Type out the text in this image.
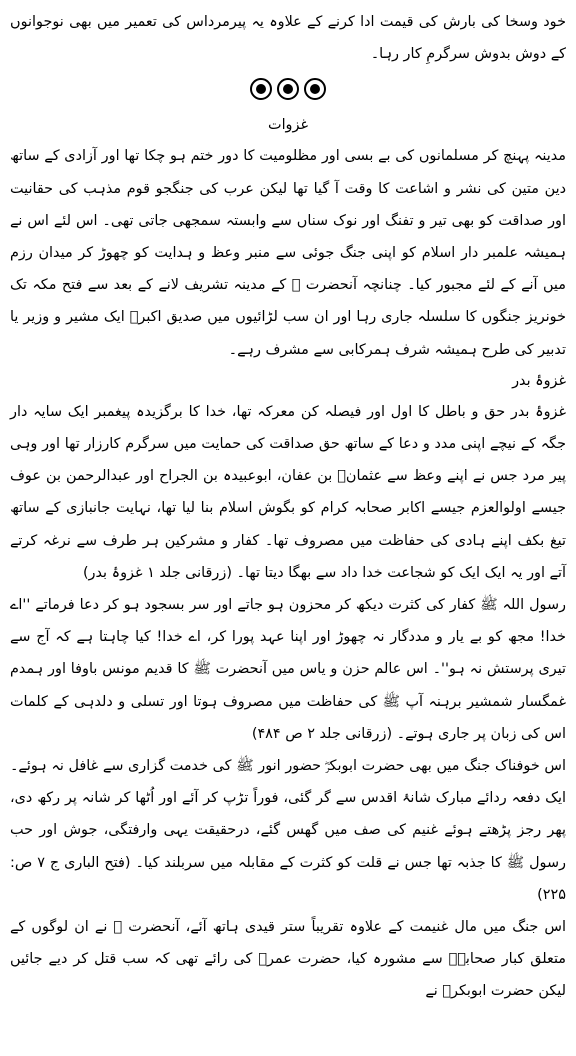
خود وسخا کی بارش کی قیمت ادا کرنے کے علاوہ یہ پیرمرداس کی تعمیر میں بھی نوجوانوں کے دوش بدوش سرگرمِ کار رہا۔

غزوات

مدینہ پہنچ کر مسلمانوں کی بے بسی اور مظلومیت کا دور ختم ہو چکا تھا اور آزادی کے ساتھ دین متین کی نشر و اشاعت کا وقت آ گیا تھا لیکن عرب کی جنگجو قوم مذہب کی حقانیت اور صداقت کو بھی تیر و تفنگ اور نوک سناں سے وابستہ سمجھی جاتی تھی۔ اس لئے اس نے ہمیشہ علمبر دار اسلام کو اپنی جنگ جوئی سے منبر وعظ و ہدایت کو چھوڑ کر میدان رزم میں آنے کے لئے مجبور کیا۔ چنانچہ آنحضرت ﷺ کے مدینہ تشریف لانے کے بعد سے فتح مکہ تک خونریز جنگوں کا سلسلہ جاری رہا اور ان سب لڑائیوں میں صدیق اکبرؓ ایک مشیر و وزیر یا تدبیر کی طرح ہمیشہ شرف ہمرکابی سے مشرف رہے۔

غزوۂ بدر

غزوۂ بدر حق و باطل کا اول اور فیصلہ کن معرکہ تھا، خدا کا برگزیدہ پیغمبر ایک سایہ دار جگہ کے نیچے اپنی مدد و دعا کے ساتھ حق صداقت کی حمایت میں سرگرم کارزار تھا اور وہی پیر مرد جس نے اپنے وعظ سے عثمانؓ بن عفان، ابوعبیدہ بن الجراح اور عبدالرحمن بن عوف جیسے اولوالعزم جیسے اکابر صحابہ کرام کو بگوش اسلام بنا لیا تھا، نہایت جانبازی کے ساتھ تیغ بکف اپنے ہادی کی حفاظت میں مصروف تھا۔ کفار و مشرکین ہر طرف سے نرغہ کرتے آتے اور یہ ایک ایک کو شجاعت خدا داد سے بھگا دیتا تھا۔ (زرقانی جلد ۱ غزوۂ بدر)

رسول اللہ ﷺ کفار کی کثرت دیکھ کر محزون ہو جاتے اور سر بسجود ہو کر دعا فرماتے ''اے خدا! مجھ کو بے یار و مددگار نہ چھوڑ اور اپنا عہد پورا کر، اے خدا! کیا چاہتا ہے کہ آج سے تیری پرستش نہ ہو''۔ اس عالم حزن و یاس میں آنحضرت ﷺ کا قدیم مونس باوفا اور ہمدم غمگسار شمشیر برہنہ آپ ﷺ کی حفاظت میں مصروف ہوتا اور تسلی و دلدہی کے کلمات اس کی زبان پر جاری ہوتے۔ (زرقانی جلد ۲ ص ۴۸۴)

اس خوفناک جنگ میں بھی حضرت ابوبکرؓ حضور انور ﷺ کی خدمت گزاری سے غافل نہ ہوئے۔ ایک دفعہ ردائے مبارک شانۂ اقدس سے گر گئی، فوراً تڑپ کر آئے اور اُٹھا کر شانہ پر رکھ دی، پھر رجز پڑھتے ہوئے غنیم کی صف میں گھس گئے، درحقیقت یہی وارفتگی، جوش اور حب رسول ﷺ کا جذبہ تھا جس نے قلت کو کثرت کے مقابلہ میں سربلند کیا۔ (فتح الباری ج ۷ ص: ۲۲۵)

اس جنگ میں مال غنیمت کے علاوہ تقریباً ستر قیدی ہاتھ آئے، آنحضرت ﷺ نے ان لوگوں کے متعلق کبار صحابہؓ سے مشورہ کیا، حضرت عمرؓ کی رائے تھی کہ سب قتل کر دیے جائیں لیکن حضرت ابوبکرؓ نے
